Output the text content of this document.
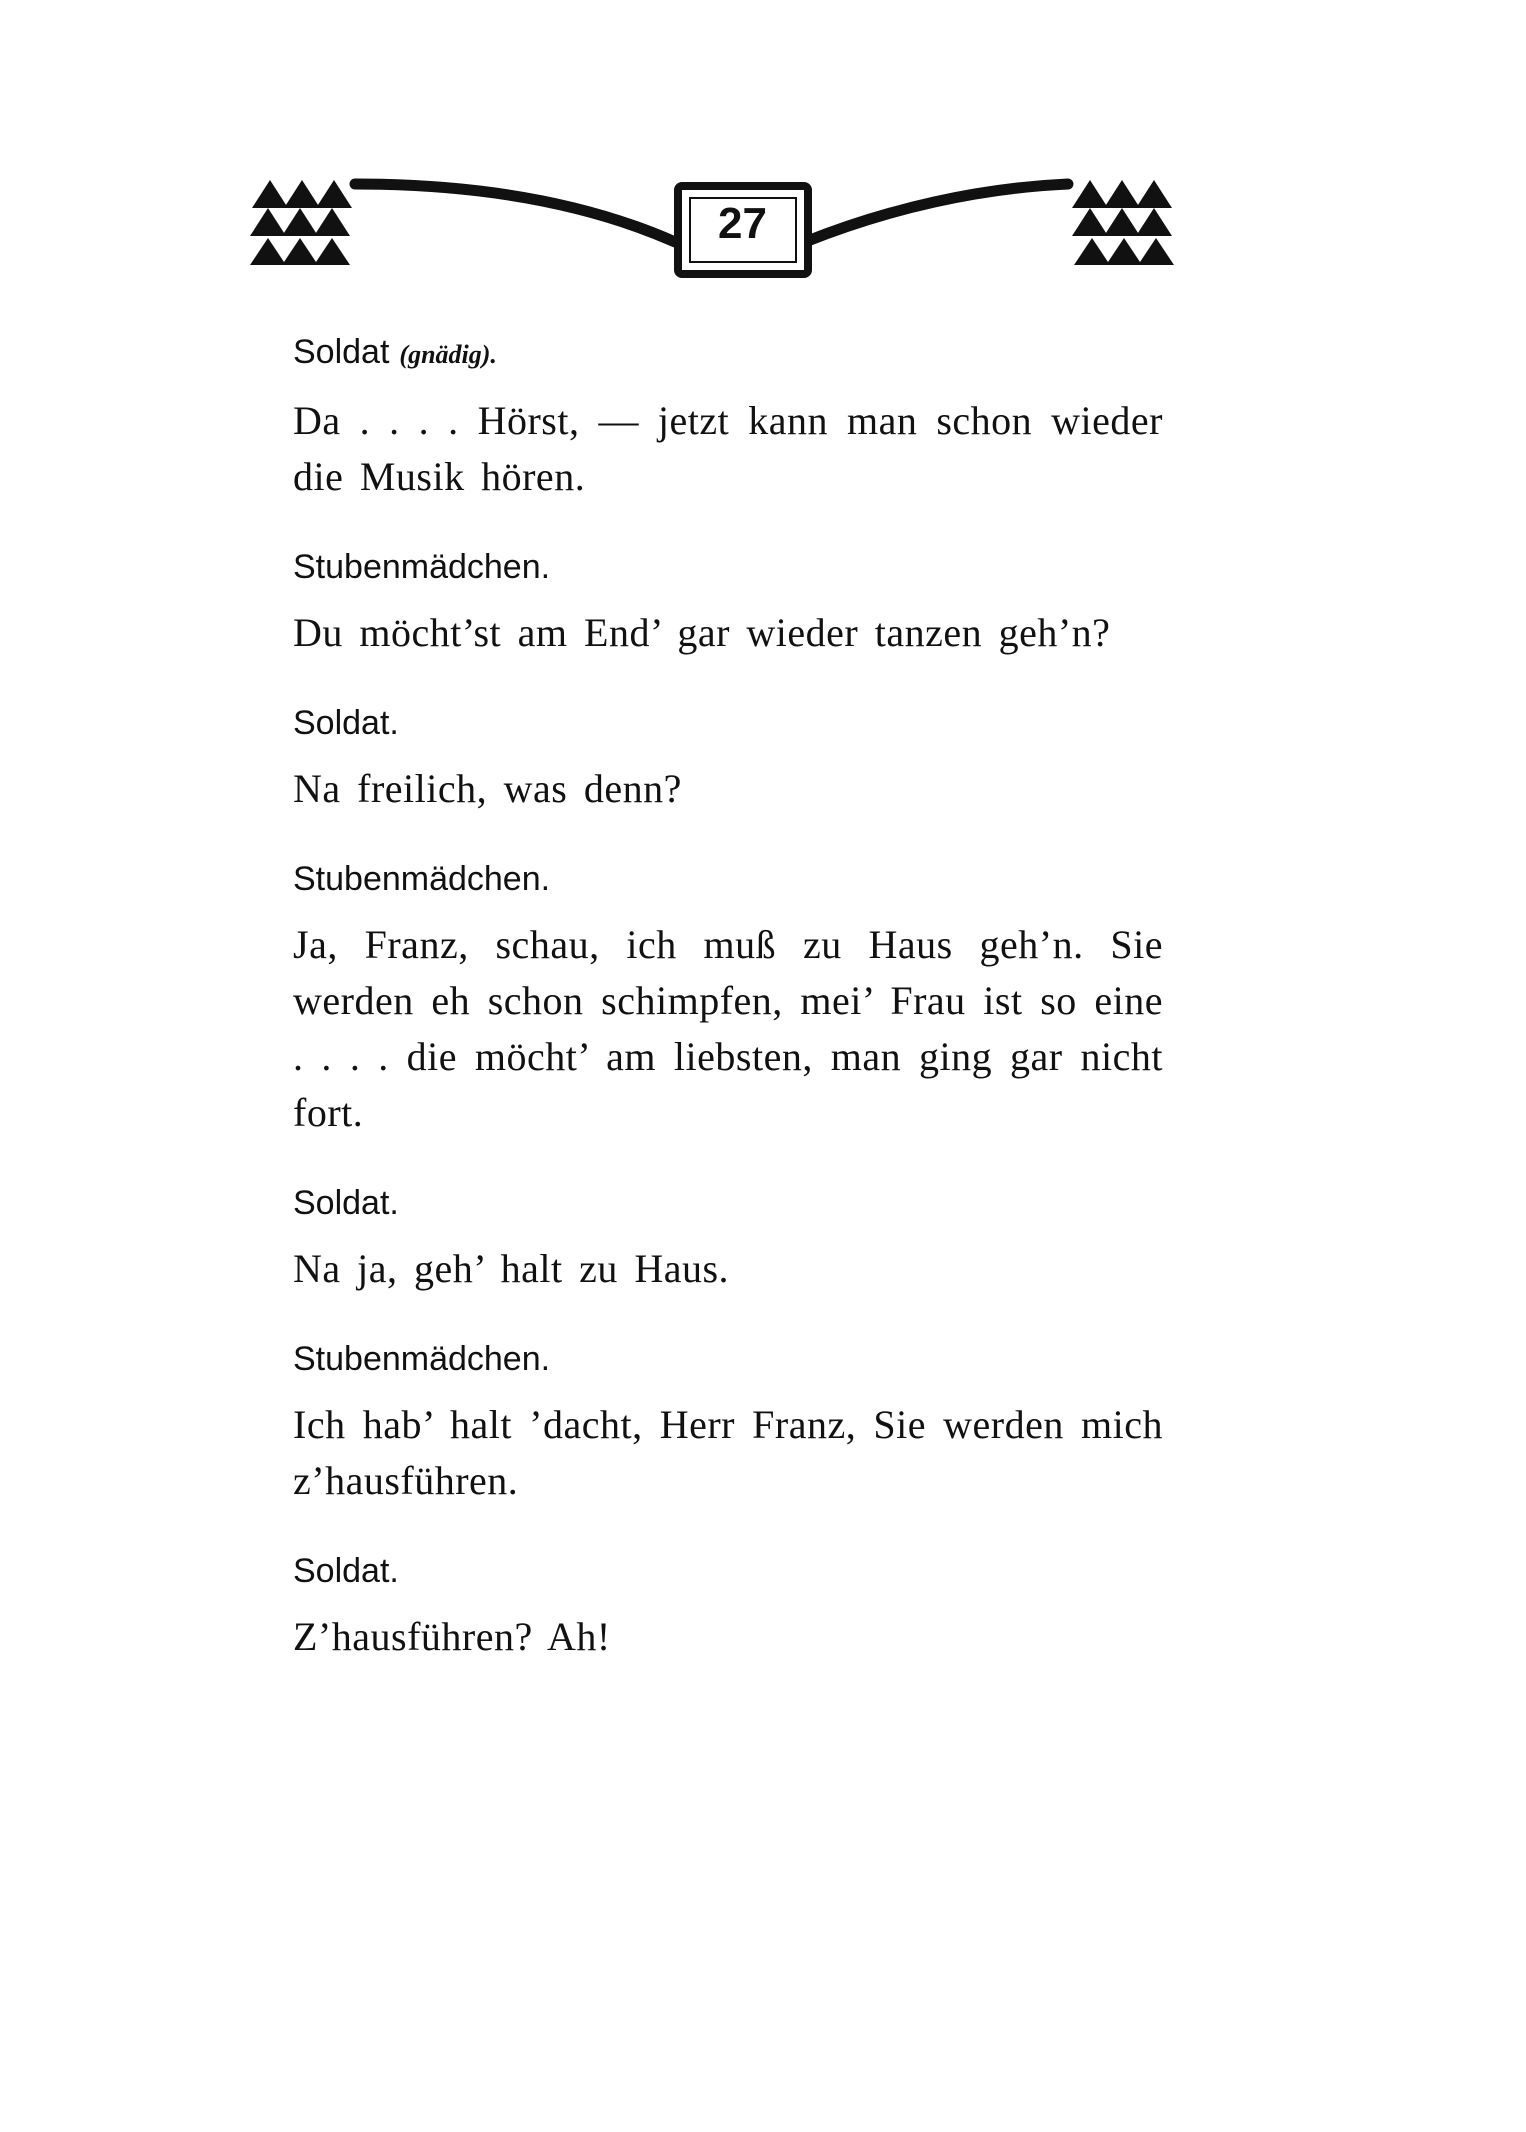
27
Soldat (gnädig).
Da . . . . Hörst, — jetzt kann man schon wieder die Musik hören.
Stubenmädchen.
Du möcht’st am End’ gar wieder tanzen geh’n?
Soldat.
Na freilich, was denn?
Stubenmädchen.
Ja, Franz, schau, ich muß zu Haus geh’n. Sie werden eh schon schimpfen, mei’ Frau ist so eine . . . . die möcht’ am liebsten, man ging gar nicht fort.
Soldat.
Na ja, geh’ halt zu Haus.
Stubenmädchen.
Ich hab’ halt ’dacht, Herr Franz, Sie werden mich z’hausführen.
Soldat.
Z’hausführen? Ah!
